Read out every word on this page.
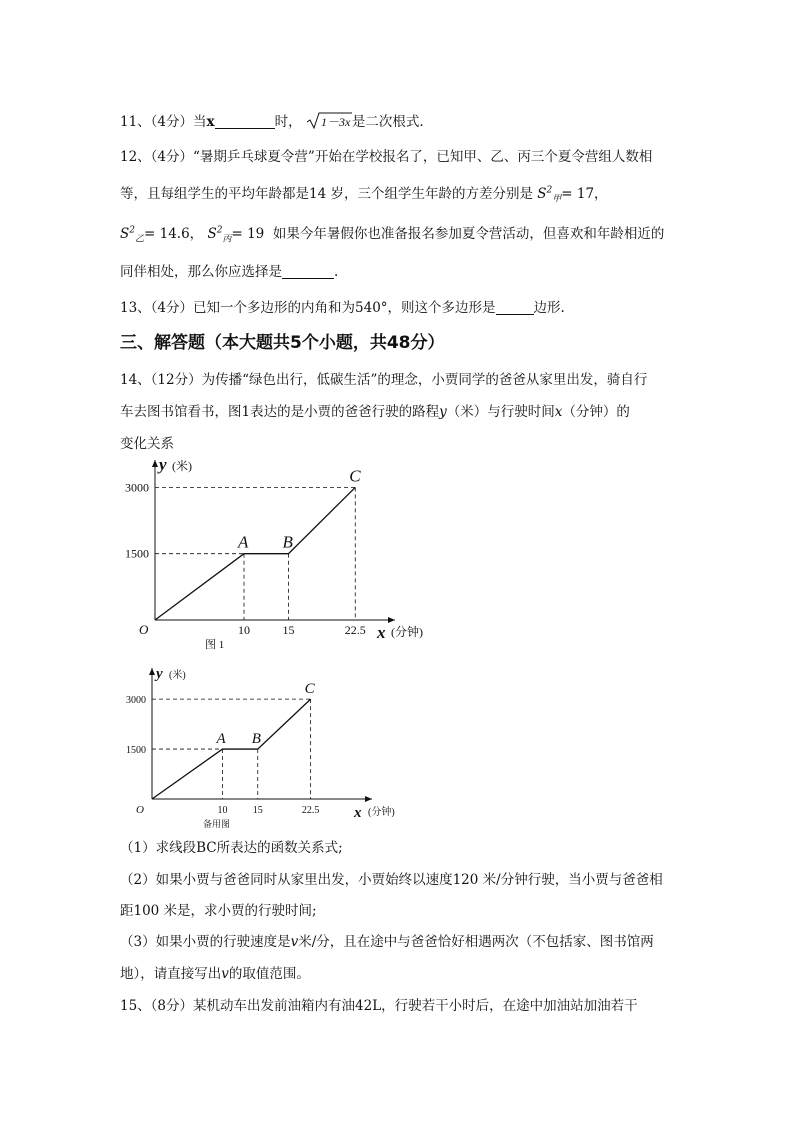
11、（4分）当x	时， 1－3x 是二次根式.
12、（4分）“暑期乒乓球夏令营”开始在学校报名了，已知甲、乙、丙三个夏令营组人数相
等，且每组学生的平均年龄都是14 岁，三个组学生年龄的方差分别是 $S^2_甲= 17$，
$S^2_乙= 14.6$， $S^2_丙= 19$ 如果今年暑假你也准备报名参加夏令营活动，但喜欢和年龄相近的
同伴相处，那么你应选择是	.
13、（4分）已知一个多边形的内角和为540°，则这个多边形是	边形.
三、解答题（本大题共5个小题，共48分）
14、（12分）为传播“绿色出行，低碳生活”的理念，小贾同学的爸爸从家里出发，骑自行
车去图书馆看书，图1表达的是小贾的爸爸行驶的路程y（米）与行驶时间x（分钟）的
变化关系
O
y (米)
x (分钟)
1500
3000
10	15	22.5
A B
C
图 1
O
y (米)
x (分钟)
1500
3000
10	15	22.5
A B
C
备用图
（1）求线段BC所表达的函数关系式;
（2）如果小贾与爸爸同时从家里出发，小贾始终以速度120 米/分钟行驶，当小贾与爸爸相
距100 米是，求小贾的行驶时间;
（3）如果小贾的行驶速度是v米/分，且在途中与爸爸恰好相遇两次（不包括家、图书馆两
地），请直接写出v的取值范围。
15、（8分）某机动车出发前油箱内有油42L，行驶若干小时后，在途中加油站加油若干
